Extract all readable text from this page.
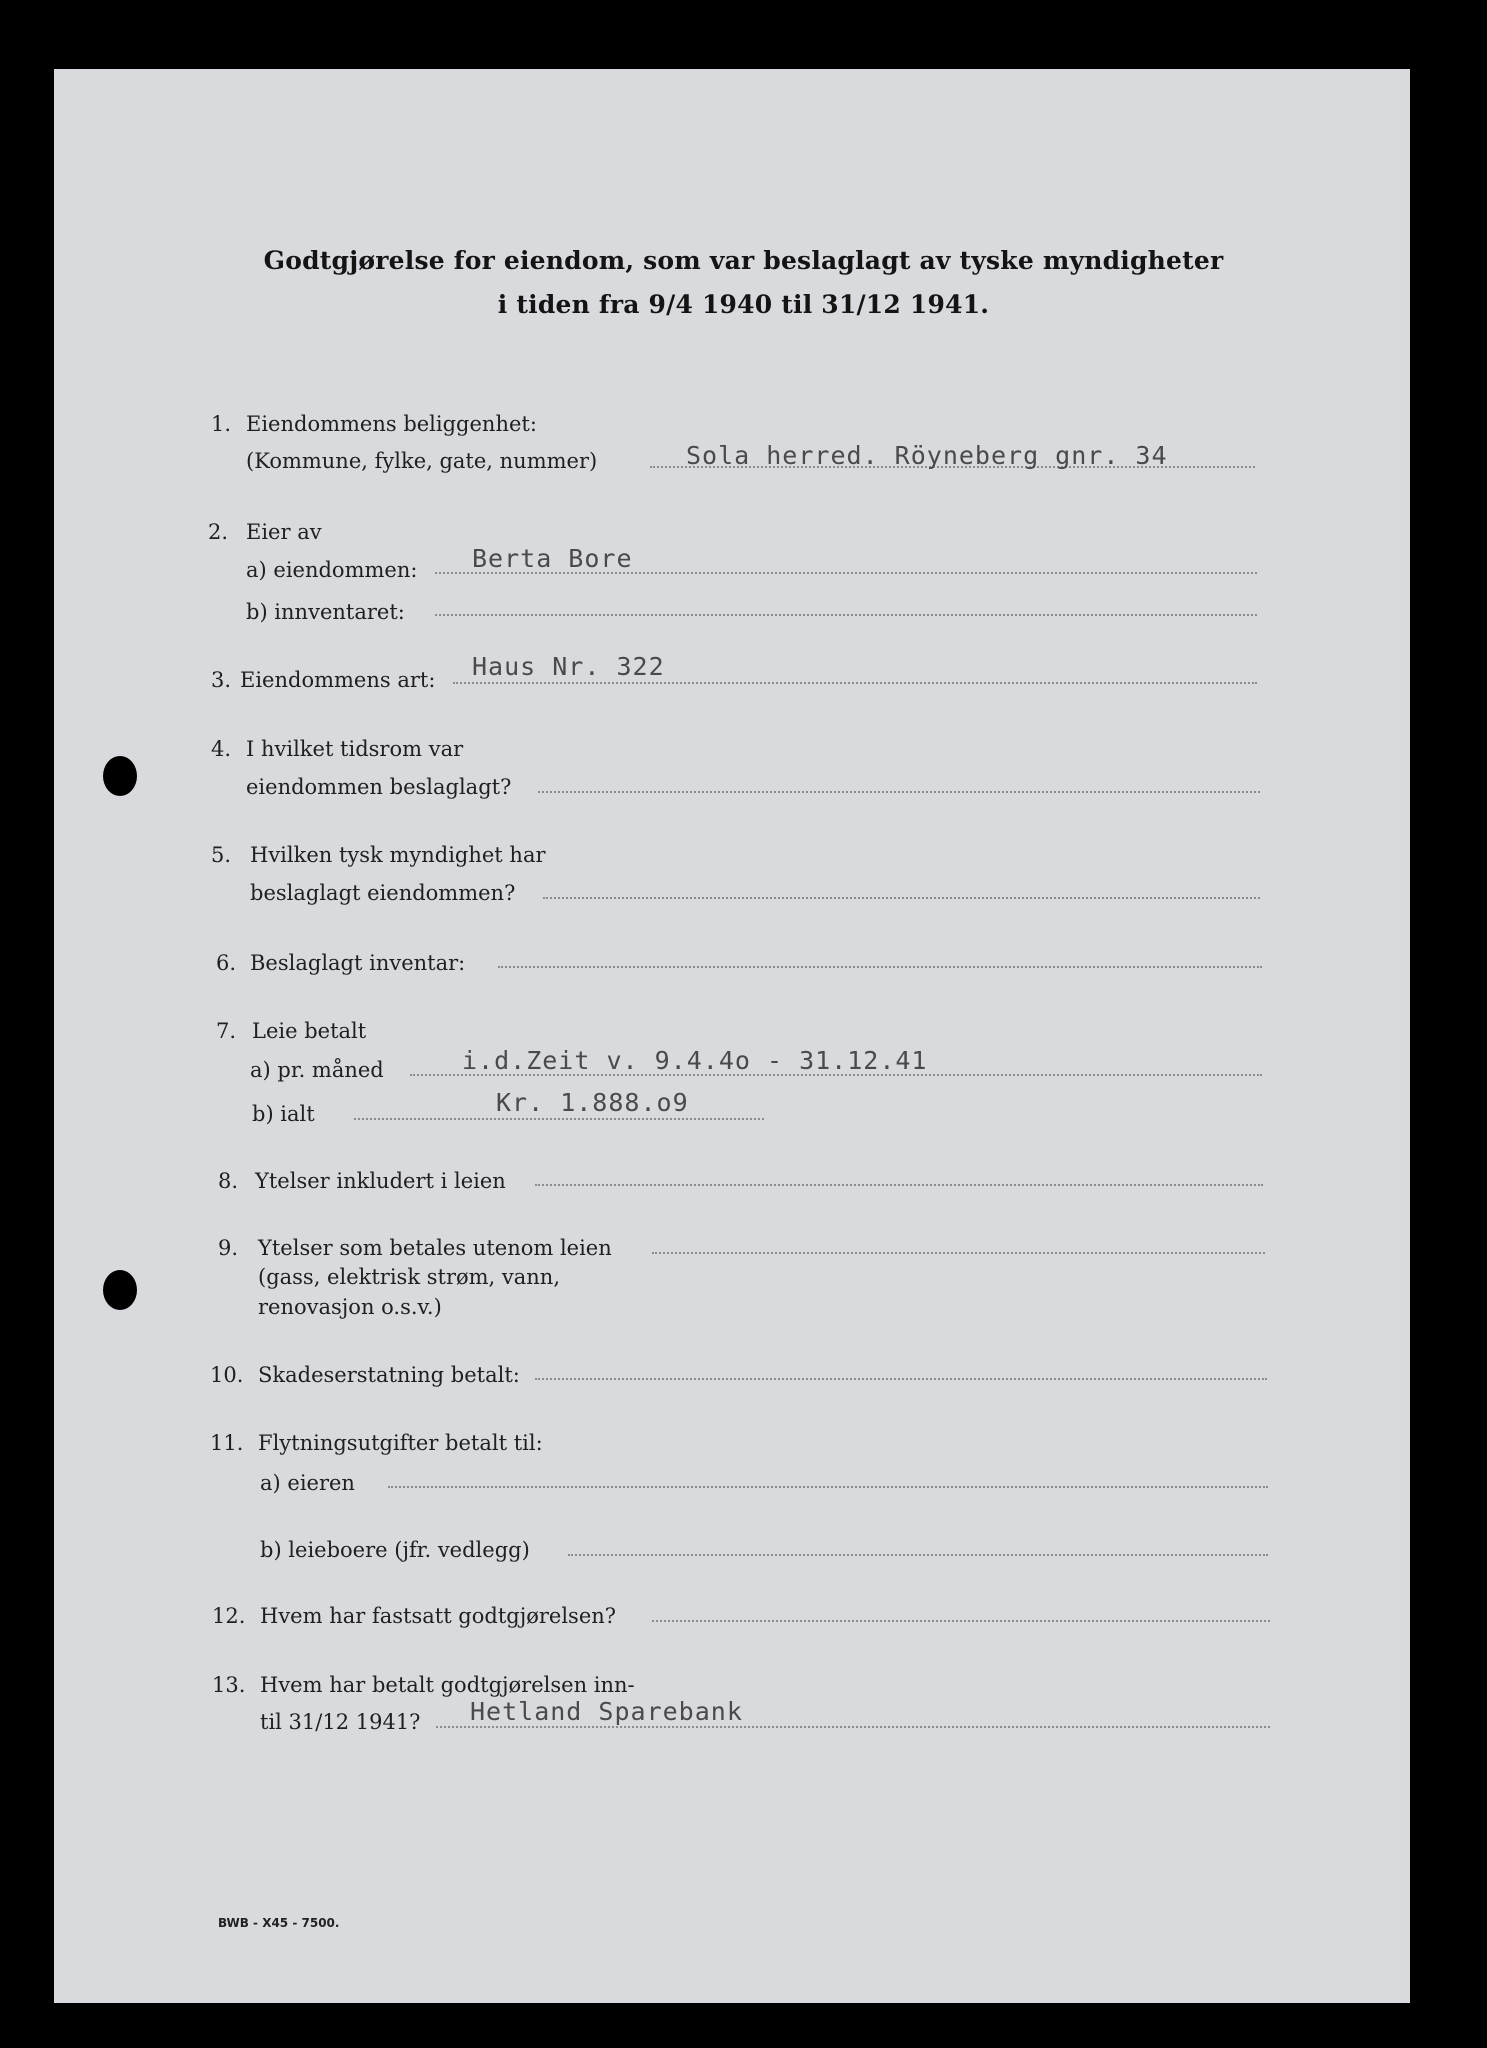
Godtgjørelse for eiendom, som var beslaglagt av tyske myndigheter
i tiden fra 9/4 1940 til 31/12 1941.
1. Eiendommens beliggenhet:
(Kommune, fylke, gate, nummer)	Sola herred. Röyneberg gnr. 34
2. Eier av
a) eiendommen: Berta Bore
b) innventaret:
3. Eiendommens art: Haus Nr. 322
4. I hvilket tidsrom var
eiendommen beslaglagt?
5. Hvilken tysk myndighet har
beslaglagt eiendommen?
6. Beslaglagt inventar:
7. Leie betalt
a) pr. måned	i.d.Zeit v. 9.4.4o - 31.12.41
b) ialt	Kr. 1.888.o9
8. Ytelser inkludert i leien
9. Ytelser som betales utenom leien
(gass, elektrisk strøm, vann,
renovasjon o.s.v.)
10. Skadeserstatning betalt:
11. Flytningsutgifter betalt til:
a) eieren
b) leieboere (jfr. vedlegg)
12. Hvem har fastsatt godtgjørelsen?
13. Hvem har betalt godtgjørelsen inn-
til 31/12 1941? Hetland Sparebank
BWB - X45 - 7500.
